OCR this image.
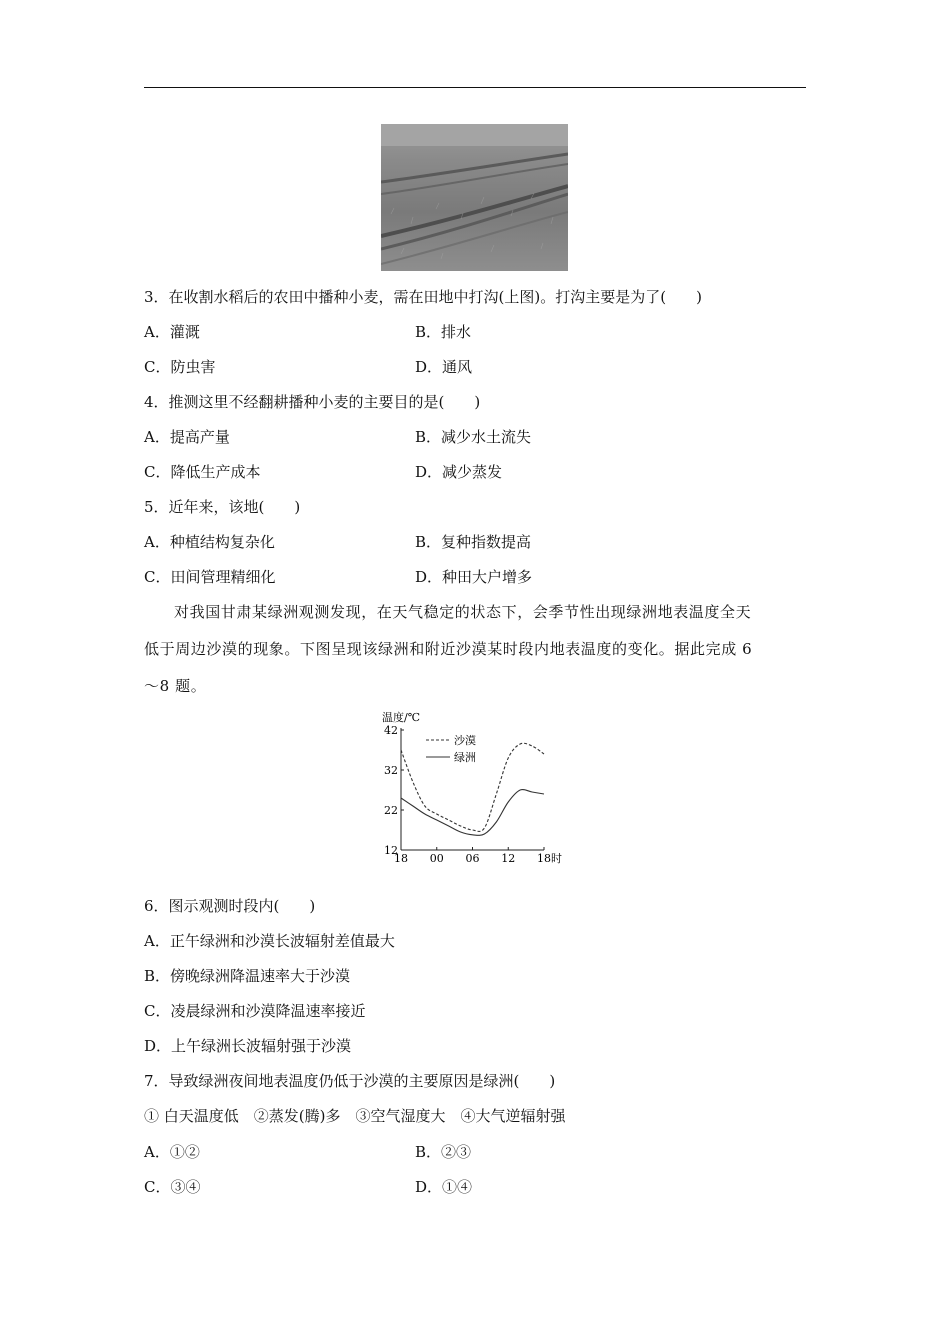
3．在收割水稻后的农田中播种小麦，需在田地中打沟(上图)。打沟主要是为了(　　)
A．灌溉	B．排水
C．防虫害	D．通风
4．推测这里不经翻耕播种小麦的主要目的是(　　)
A．提高产量	B．减少水土流失
C．降低生产成本	D．减少蒸发
5．近年来，该地(　　)
A．种植结构复杂化	B．复种指数提高
C．田间管理精细化	D．种田大户增多
对我国甘肃某绿洲观测发现，在天气稳定的状态下，会季节性出现绿洲地表温度全天
低于周边沙漠的现象。下图呈现该绿洲和附近沙漠某时段内地表温度的变化。据此完成 6
～8 题。
温度/℃
12
22
32
42
18 00 06 12 18 时
沙漠
绿洲
6．图示观测时段内(　　)
A．正午绿洲和沙漠长波辐射差值最大
B．傍晚绿洲降温速率大于沙漠
C．凌晨绿洲和沙漠降温速率接近
D．上午绿洲长波辐射强于沙漠
7．导致绿洲夜间地表温度仍低于沙漠的主要原因是绿洲(　　)
① 白天温度低　②蒸发(腾)多　③空气湿度大　④大气逆辐射强
A．①②	B．②③
C．③④	D．①④
